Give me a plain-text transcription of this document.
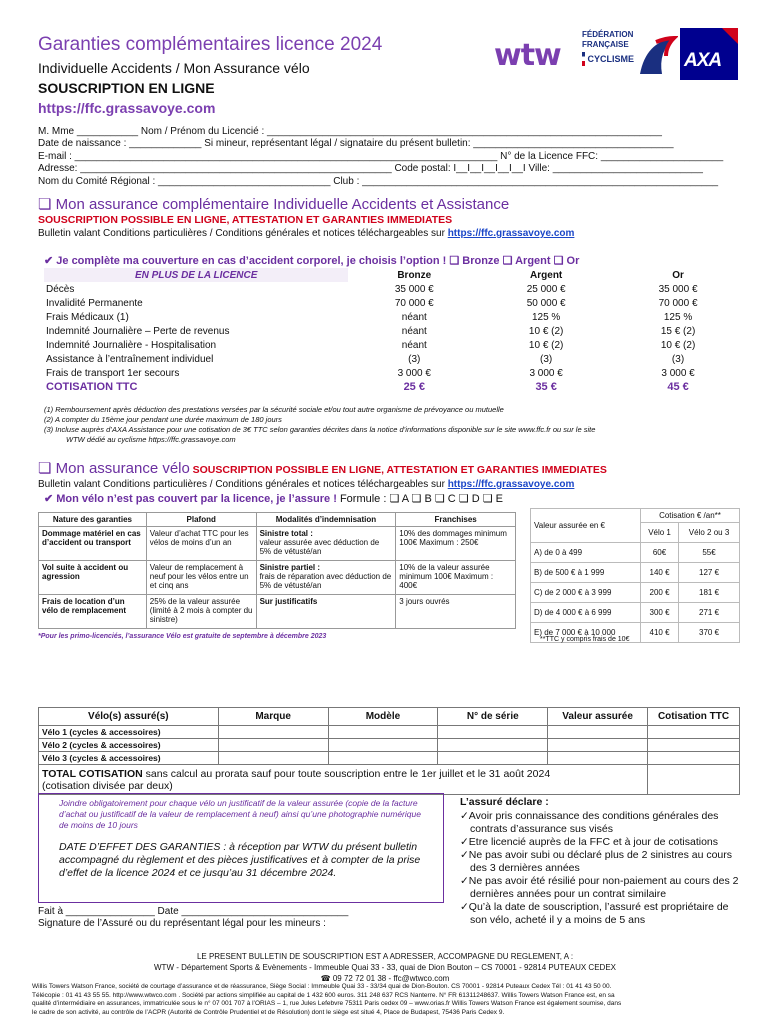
Garanties complémentaires licence 2024
Individuelle Accidents / Mon Assurance vélo
SOUSCRIPTION EN LIGNE
https://ffc.grassavoye.com
wtw
FÉDÉRATION
FRANÇAISE
CYCLISME	AXA
M. Mme ___________ Nom / Prénom du Licencié : _______________________________________________________________________
Date de naissance : _____________ Si mineur, représentant légal / signataire du présent bulletin: ____________________________________
E-mail : ____________________________________________________________________________ N° de la Licence FFC: ______________________
Adresse: ________________________________________________________ Code postal: I__I__I__I__I__I Ville: ___________________________
Nom du Comité Régional : _______________________________ Club : ________________________________________________________________
❏ Mon assurance complémentaire Individuelle Accidents et Assistance
SOUSCRIPTION POSSIBLE EN LIGNE, ATTESTATION ET GARANTIES IMMEDIATES
Bulletin valant Conditions particulières / Conditions générales et notices téléchargeables sur https://ffc.grassavoye.com
✔ Je complète ma couverture en cas d’accident corporel, je choisis l’option ! ❏ Bronze ❏ Argent ❏ Or
EN PLUS DE LA LICENCE	Bronze	Argent	Or
Décès	35 000 €	25 000 €	35 000 €
Invalidité Permanente	70 000 €	50 000 €	70 000 €
Frais Médicaux (1)	néant	125 %	125 %
Indemnité Journalière – Perte de revenus	néant	10 € (2)	15 € (2)
Indemnité Journalière - Hospitalisation	néant	10 € (2)	10 € (2)
Assistance à l’entraînement individuel	(3)	(3)	(3)
Frais de transport 1er secours	3 000 €	3 000 €	3 000 €
COTISATION TTC	25 €	35 €	45 €
(1) Remboursement après déduction des prestations versées par la sécurité sociale et/ou tout autre organisme de prévoyance ou mutuelle
(2) A compter du 15ème jour pendant une durée maximum de 180 jours
(3) Incluse auprès d’AXA Assistance pour une cotisation de 3€ TTC selon garanties décrites dans la notice d’informations disponible sur le site www.ffc.fr ou sur le site
WTW dédié au cyclisme https://ffc.grassavoye.com
❏ Mon assurance vélo SOUSCRIPTION POSSIBLE EN LIGNE, ATTESTATION ET GARANTIES IMMEDIATES
Bulletin valant Conditions particulières / Conditions générales et notices téléchargeables sur https://ffc.grassavoye.com
✔ Mon vélo n’est pas couvert par la licence, je l’assure ! Formule : ❏ A ❏ B ❏ C ❏ D ❏ E
Nature des garanties	Plafond	Modalités d’indemnisation	Franchises
Dommage matériel en cas d’accident ou transport	Valeur d’achat TTC pour les vélos de moins d’un an	Sinistre total :
valeur assurée avec déduction de 5% de vétusté/an	10% des dommages minimum 100€ Maximum : 250€
Vol suite à accident ou agression	Valeur de remplacement à neuf pour les vélos entre un et cinq ans	Sinistre partiel :
frais de réparation avec déduction de 5% de vétusté/an	10% de la valeur assurée minimum 100€ Maximum : 400€
Frais de location d’un vélo de remplacement	25% de la valeur assurée (limité à 2 mois à compter du sinistre)	Sur justificatifs	3 jours ouvrés
*Pour les primo-licenciés, l’assurance Vélo est gratuite de septembre à décembre 2023
Valeur assurée en €	Cotisation € /an**	
	Vélo 1	Vélo 2 ou 3
A) de 0 à 499	60€	55€
B) de 500 € à 1 999	140 €	127 €
C) de 2 000 € à 3 999	200 €	181 €
D) de 4 000 € à 6 999	300 €	271 €
E) de 7 000 € à 10 000	410 €	370 €
**TTC y compris frais de 10€
Vélo(s) assuré(s)	Marque	Modèle	N° de série	Valeur assurée	Cotisation TTC
Vélo 1 (cycles & accessoires)					
Vélo 2 (cycles & accessoires)					
Vélo 3 (cycles & accessoires)					
TOTAL COTISATION sans calcul au prorata sauf pour toute souscription entre le 1er juillet et le 31 août 2024
(cotisation divisée par deux)					
Joindre obligatoirement pour chaque vélo un justificatif de la valeur assurée (copie de la facture d’achat ou justificatif de la valeur de remplacement à neuf) ainsi qu’une photographie numérique de moins de 10 jours
DATE D’EFFET DES GARANTIES : à réception par WTW du présent bulletin accompagné du règlement et des pièces justificatives et à compter de la prise d’effet de la licence 2024 et ce jusqu’au 31 décembre 2024.
L’assuré déclare :
✓Avoir pris connaissance des conditions générales des contrats d’assurance sus visés
✓Etre licencié auprès de la FFC et à jour de cotisations
✓Ne pas avoir subi ou déclaré plus de 2 sinistres au cours des 3 dernières années
✓Ne pas avoir été résilié pour non-paiement au cours des 2 dernières années pour un contrat similaire
✓Qu’à la date de souscription, l’assuré est propriétaire de son vélo, acheté il y a moins de 5 ans
Fait à ________________ Date ______________________________
Signature de l’Assuré ou du représentant légal pour les mineurs :
LE PRESENT BULLETIN DE SOUSCRIPTION EST A ADRESSER, ACCOMPAGNE DU REGLEMENT, A :
WTW - Département Sports & Evènements - Immeuble Quai 33 - 33, quai de Dion Bouton – CS 70001 - 92814 PUTEAUX CEDEX
☎ 09 72 72 01 38 - ffc@wtwco.com
Willis Towers Watson France, société de courtage d’assurance et de réassurance, Siège Social : Immeuble Quai 33 - 33/34 quai de Dion-Bouton. CS 70001 - 92814 Puteaux Cedex Tél : 01 41 43 50 00.
Télécopie : 01 41 43 55 55. http://www.wtwco.com . Société par actions simplifiée au capital de 1 432 600 euros. 311 248 637 RCS Nanterre. N° FR 61311248637. Willis Towers Watson France est, en sa
qualité d’intermédiaire en assurances, immatriculée sous le n° 07 001 707 à l’ORIAS – 1, rue Jules Lefebvre 75311 Paris cedex 09 – www.orias.fr Willis Towers Watson France est également soumise, dans
le cadre de son activité, au contrôle de l’ACPR (Autorité de Contrôle Prudentiel et de Résolution) dont le siège est situé 4, Place de Budapest, 75436 Paris Cedex 9.
